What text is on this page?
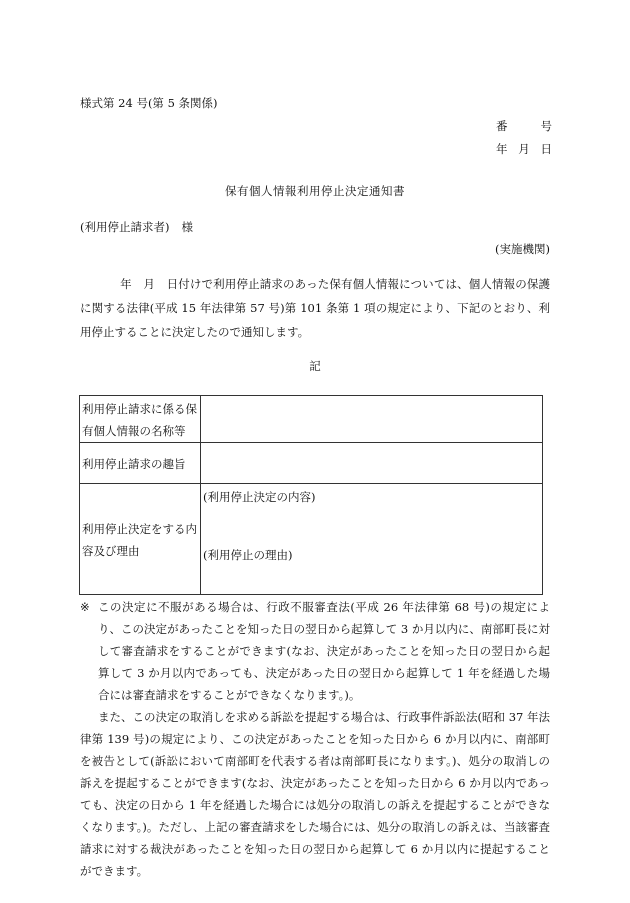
様式第 24 号(第 5 条関係)
番	号
年 月 日
保有個人情報利用停止決定通知書
(利用停止請求者) 様
(実施機関)
年　月　日付けで利用停止請求のあった保有個人情報については、個人情報の保護に関する法律(平成 15 年法律第 57 号)第 101 条第 1 項の規定により、下記のとおり、利用停止することに決定したので通知します。
記
利用停止請求に係る保有個人情報の名称等	
利用停止請求の趣旨	
利用停止決定をする内容及び理由	(利用停止決定の内容)
(利用停止の理由)
※ この決定に不服がある場合は、行政不服審査法(平成 26 年法律第 68 号)の規定により、この決定があったことを知った日の翌日から起算して 3 か月以内に、南部町長に対して審査請求をすることができます(なお、決定があったことを知った日の翌日から起算して 3 か月以内であっても、決定があった日の翌日から起算して 1 年を経過した場合には審査請求をすることができなくなります。)。
また、この決定の取消しを求める訴訟を提起する場合は、行政事件訴訟法(昭和 37 年法律第 139 号)の規定により、この決定があったことを知った日から 6 か月以内に、南部町を被告として(訴訟において南部町を代表する者は南部町長になります。)、処分の取消しの訴えを提起することができます(なお、決定があったことを知った日から 6 か月以内であっても、決定の日から 1 年を経過した場合には処分の取消しの訴えを提起することができなくなります。)。ただし、上記の審査請求をした場合には、処分の取消しの訴えは、当該審査請求に対する裁決があったことを知った日の翌日から起算して 6 か月以内に提起することができます。
